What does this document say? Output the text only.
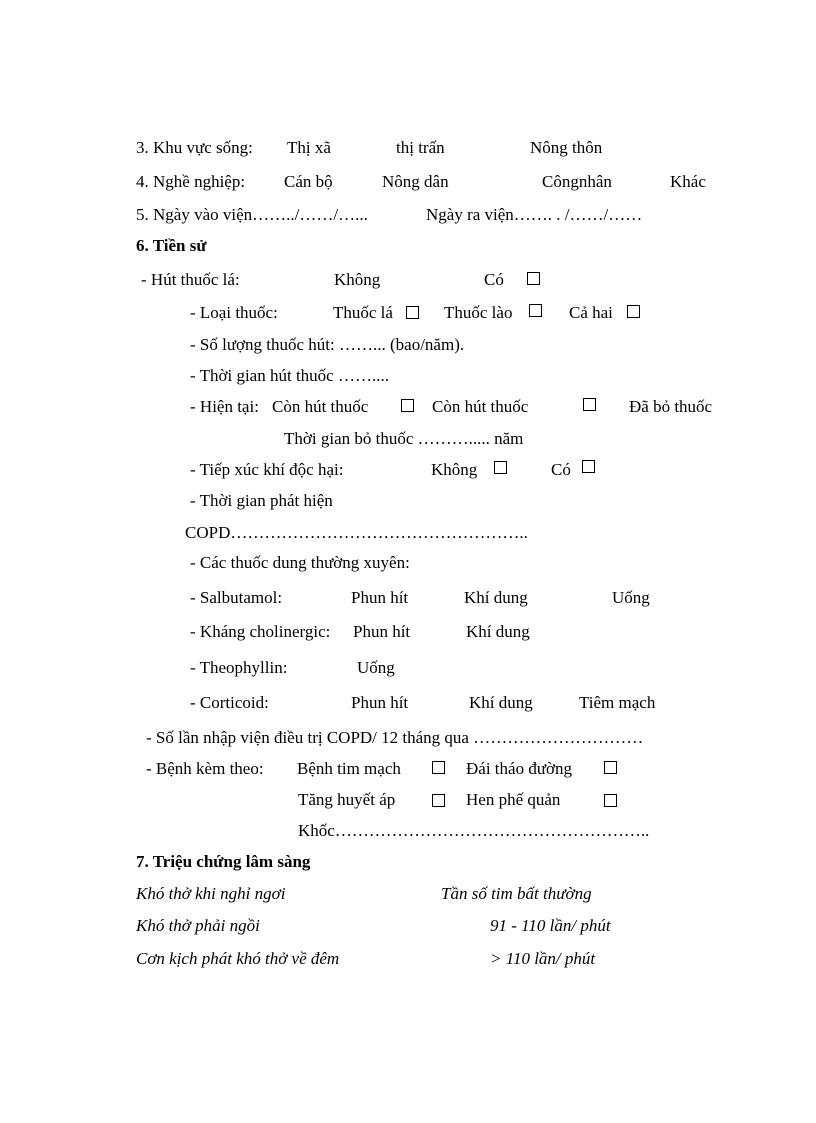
3. Khu vực sống: Thị xã	thị trấn	Nông thôn
4. Nghề nghiệp: Cán bộ	Nông dân	Côngnhân	Khác
5. Ngày vào viện……../……/…...	Ngày ra viện……. . /……/……
6. Tiền sử
- Hút thuốc lá:	Không	Có
- Loại thuốc:	Thuốc lá	Thuốc lào	Cả hai
- Số lượng thuốc hút: ……... (bao/năm).
- Thời gian hút thuốc ……....
- Hiện tại: Còn hút thuốc	Còn hút thuốc	Đã bỏ thuốc
Thời gian bỏ thuốc ………..... năm
- Tiếp xúc khí độc hại:	Không	Có
- Thời gian phát hiện
COPD……………………………………………..
- Các thuốc dung thường xuyên:
- Salbutamol:	Phun hít	Khí dung	Uống
- Kháng cholinergic: Phun hít	Khí dung
- Theophyllin:	Uống
- Corticoid:	Phun hít	Khí dung	Tiêm mạch
- Số lần nhập viện điều trị COPD/ 12 tháng qua …………………………
- Bệnh kèm theo: Bệnh tim mạch	Đái tháo đường
Tăng huyết áp	Hen phế quản
Khốc………………………………………………..
7. Triệu chứng lâm sàng
Khó thở khi nghỉ ngơi	Tần số tim bất thường
Khó thở phải ngồi	91 - 110 lần/ phút
Cơn kịch phát khó thở về đêm	> 110 lần/ phút
